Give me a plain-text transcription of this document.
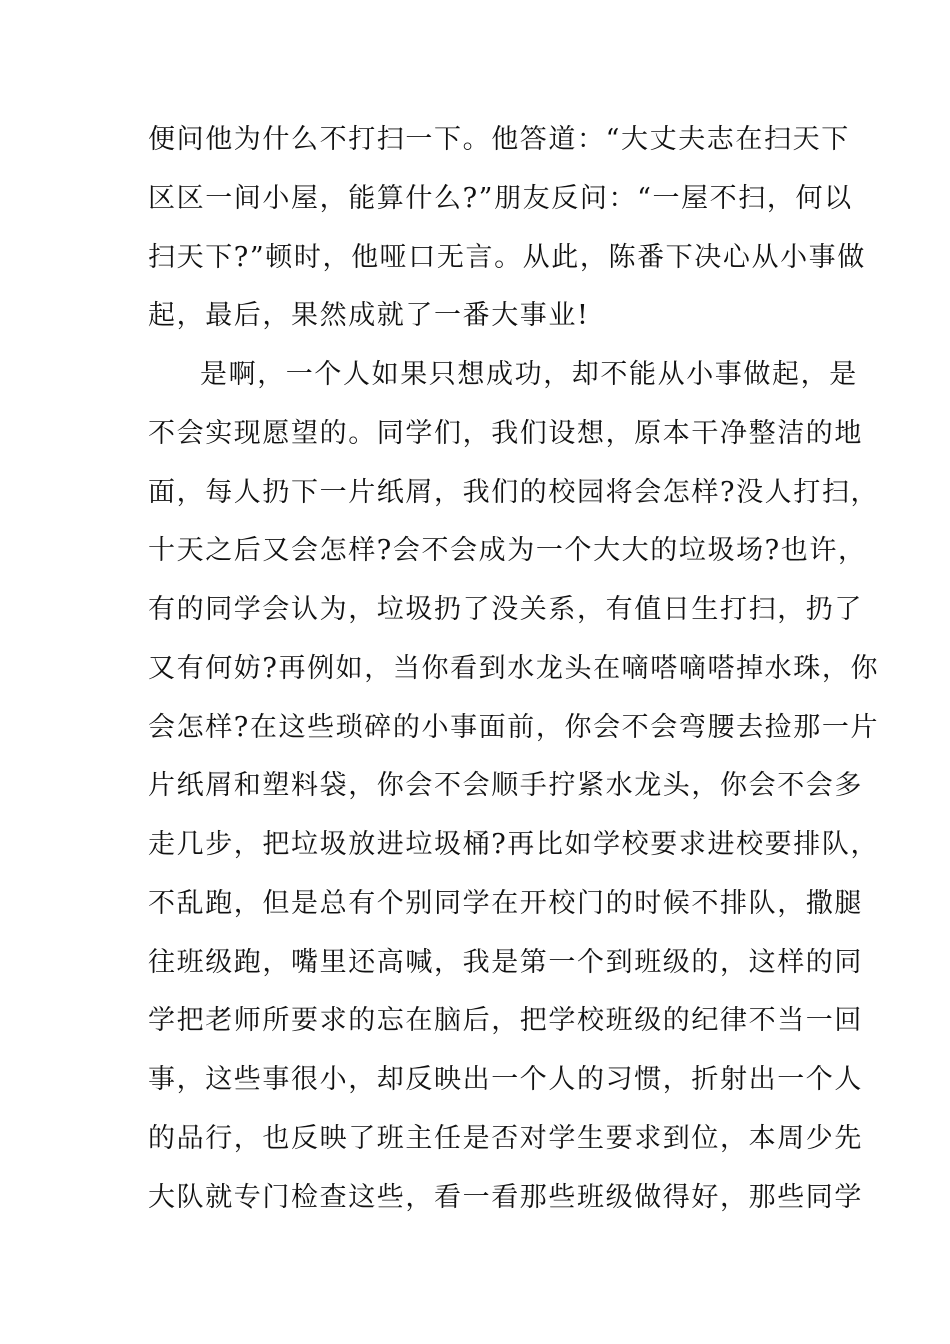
便问他为什么不打扫一下。他答道：“大丈夫志在扫天下
区区一间小屋，能算什么?”朋友反问：“一屋不扫，何以
扫天下?”顿时，他哑口无言。从此，陈番下决心从小事做
起，最后，果然成就了一番大事业!
是啊，一个人如果只想成功，却不能从小事做起，是
不会实现愿望的。同学们，我们设想，原本干净整洁的地
面，每人扔下一片纸屑，我们的校园将会怎样?没人打扫，
十天之后又会怎样?会不会成为一个大大的垃圾场?也许，
有的同学会认为，垃圾扔了没关系，有值日生打扫，扔了
又有何妨?再例如，当你看到水龙头在嘀嗒嘀嗒掉水珠，你
会怎样?在这些琐碎的小事面前，你会不会弯腰去捡那一片
片纸屑和塑料袋，你会不会顺手拧紧水龙头，你会不会多
走几步，把垃圾放进垃圾桶?再比如学校要求进校要排队，
不乱跑，但是总有个别同学在开校门的时候不排队，撒腿
往班级跑，嘴里还高喊，我是第一个到班级的，这样的同
学把老师所要求的忘在脑后，把学校班级的纪律不当一回
事，这些事很小，却反映出一个人的习惯，折射出一个人
的品行，也反映了班主任是否对学生要求到位，本周少先
大队就专门检查这些，看一看那些班级做得好，那些同学
